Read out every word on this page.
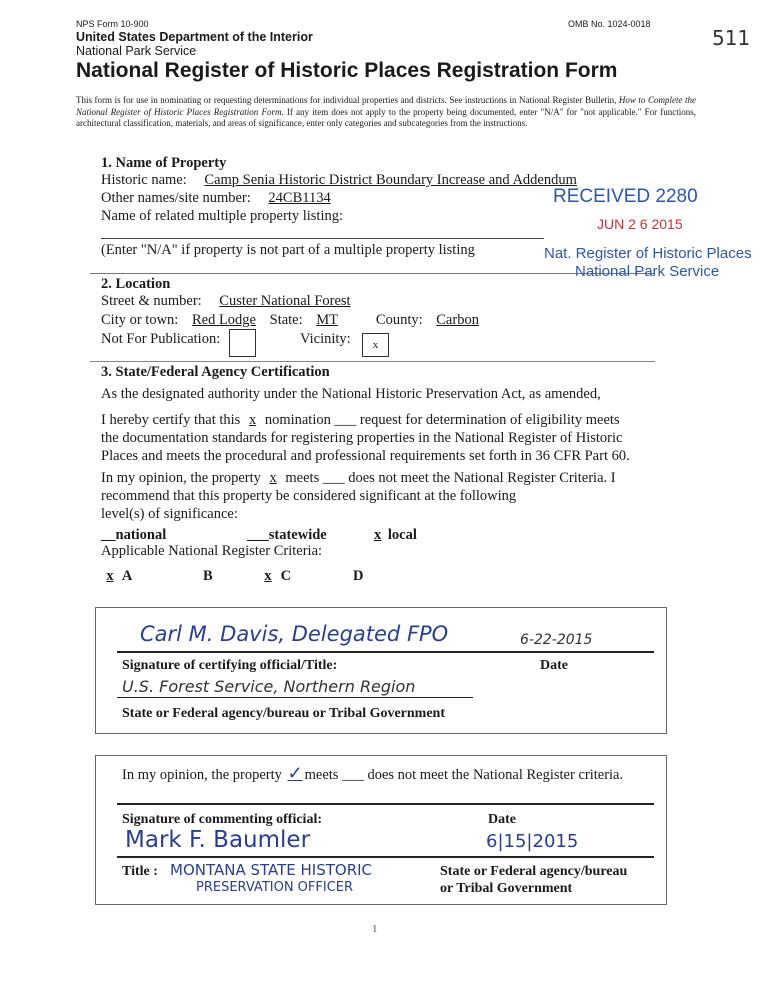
NPS Form 10-900	OMB No. 1024-0018
511
United States Department of the Interior
National Park Service
National Register of Historic Places Registration Form
This form is for use in nominating or requesting determinations for individual properties and districts. See instructions in National Register Bulletin, How to Complete the National Register of Historic Places Registration Form. If any item does not apply to the property being documented, enter "N/A" for "not applicable." For functions, architectural classification, materials, and areas of significance, enter only categories and subcategories from the instructions.
1. Name of Property
Historic name: Camp Senia Historic District Boundary Increase and Addendum
Other names/site number: 24CB1134
Name of related multiple property listing:
(Enter "N/A" if property is not part of a multiple property listing
RECEIVED 2280
JUN 2 6 2015
Nat. Register of Historic Places
National Park Service
2. Location
Street & number: Custer National Forest
City or town: Red Lodge State: MT	County: Carbon
Not For Publication:	Vicinity:	x
3. State/Federal Agency Certification
As the designated authority under the National Historic Preservation Act, as amended,
I hereby certify that this x nomination ___ request for determination of eligibility meets
the documentation standards for registering properties in the National Register of Historic
Places and meets the procedural and professional requirements set forth in 36 CFR Part 60.
In my opinion, the property x meets ___ does not meet the National Register Criteria. I
recommend that this property be considered significant at the following
level(s) of significance:
__national	___statewide	x local
Applicable National Register Criteria:
x A	B	x C	D
Carl M. Davis, Delegated FPO	6-22-2015
Signature of certifying official/Title:	Date
U.S. Forest Service, Northern Region
State or Federal agency/bureau or Tribal Government
In my opinion, the property ✓ meets ___ does not meet the National Register criteria.
Signature of commenting official:	Date
Mark F. Baumler	6|15|2015
Title : MONTANA STATE HISTORIC
PRESERVATION OFFICER
State or Federal agency/bureau
or Tribal Government
1
